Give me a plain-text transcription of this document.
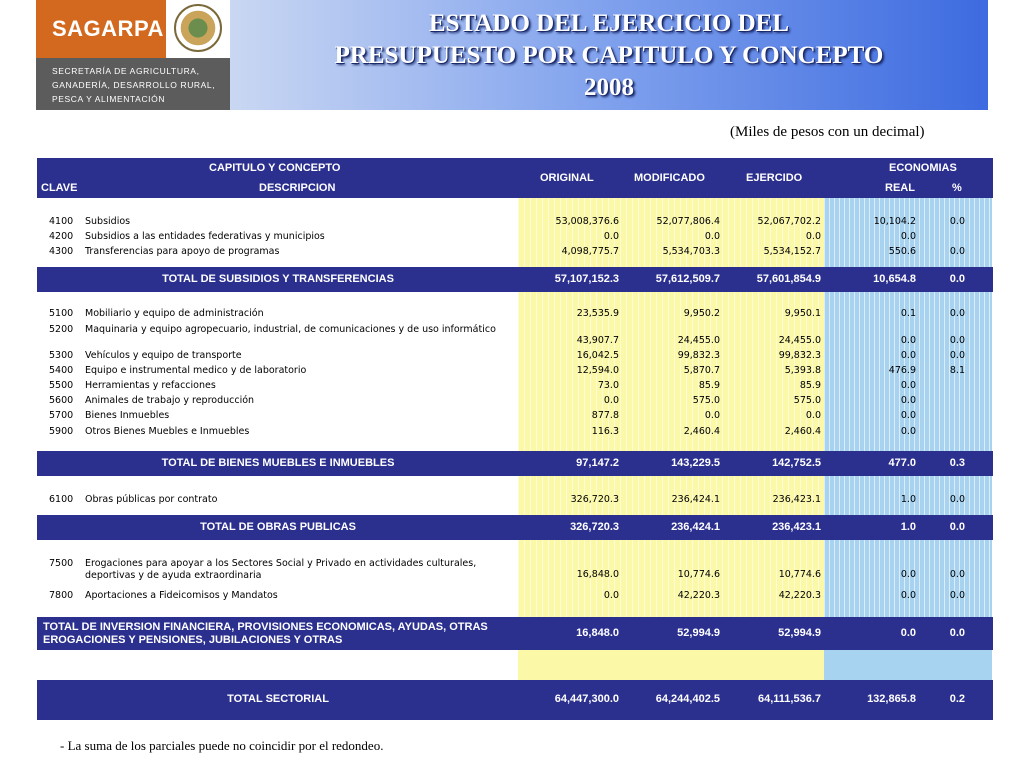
SAGARPA
SECRETARÍA DE AGRICULTURA,
GANADERÍA, DESARROLLO RURAL,
PESCA Y ALIMENTACIÓN
ESTADO DEL EJERCICIO DEL
PRESUPUESTO POR CAPITULO Y CONCEPTO
2008
(Miles de pesos con un decimal)
CAPITULO Y CONCEPTO
CLAVE	DESCRIPCION
ORIGINAL	MODIFICADO	EJERCIDO
ECONOMIAS
REAL	%
4100 Subsidios	53,008,376.6	52,077,806.4	52,067,702.2	10,104.2	0.0
4200 Subsidios a las entidades federativas y municipios	0.0	0.0	0.0	0.0
4300 Transferencias para apoyo de programas	4,098,775.7	5,534,703.3	5,534,152.7	550.6	0.0
TOTAL DE SUBSIDIOS Y TRANSFERENCIAS	57,107,152.3	57,612,509.7	57,601,854.9	10,654.8	0.0
5100 Mobiliario y equipo de administración	23,535.9	9,950.2	9,950.1	0.1	0.0
5200 Maquinaria y equipo agropecuario, industrial, de comunicaciones y de uso informático
43,907.7	24,455.0	24,455.0	0.0	0.0
5300 Vehículos y equipo de transporte	16,042.5	99,832.3	99,832.3	0.0	0.0
5400 Equipo e instrumental medico y de laboratorio	12,594.0	5,870.7	5,393.8	476.9	8.1
5500 Herramientas y refacciones	73.0	85.9	85.9	0.0
5600 Animales de trabajo y reproducción	0.0	575.0	575.0	0.0
5700 Bienes Inmuebles	877.8	0.0	0.0	0.0
5900 Otros Bienes Muebles e Inmuebles	116.3	2,460.4	2,460.4	0.0
TOTAL DE BIENES MUEBLES E INMUEBLES	97,147.2	143,229.5	142,752.5	477.0	0.3
6100 Obras públicas por contrato	326,720.3	236,424.1	236,423.1	1.0	0.0
TOTAL DE OBRAS PUBLICAS	326,720.3	236,424.1	236,423.1	1.0	0.0
7500 Erogaciones para apoyar a los Sectores Social y Privado en actividades culturales, deportivas y de ayuda extraordinaria	16,848.0	10,774.6	10,774.6	0.0	0.0
7800 Aportaciones a Fideicomisos y Mandatos	0.0	42,220.3	42,220.3	0.0	0.0
TOTAL DE INVERSION FINANCIERA, PROVISIONES ECONOMICAS, AYUDAS, OTRAS EROGACIONES Y PENSIONES, JUBILACIONES Y OTRAS
16,848.0	52,994.9	52,994.9	0.0	0.0
TOTAL SECTORIAL	64,447,300.0	64,244,402.5	64,111,536.7	132,865.8	0.2
- La suma de los parciales puede no coincidir por el redondeo.
